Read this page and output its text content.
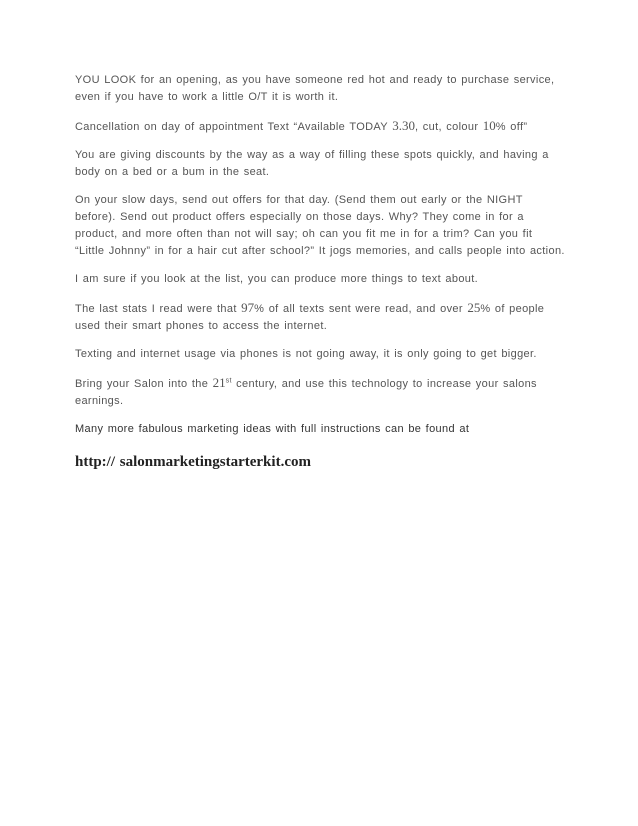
YOU LOOK for an opening, as you have someone red hot and ready to purchase service, even if you have to work a little O/T it is worth it.

Cancellation on day of appointment Text “Available TODAY 3.30, cut, colour 10% off”

You are giving discounts by the way as a way of filling these spots quickly, and having a body on a bed or a bum in the seat.

On your slow days, send out offers for that day. (Send them out early or the NIGHT before). Send out product offers especially on those days. Why? They come in for a product, and more often than not will say; oh can you fit me in for a trim? Can you fit “Little Johnny” in for a hair cut after school?” It jogs memories, and calls people into action.

I am sure if you look at the list, you can produce more things to text about.

The last stats I read were that 97% of all texts sent were read, and over 25% of people used their smart phones to access the internet.

Texting and internet usage via phones is not going away, it is only going to get bigger.

Bring your Salon into the 21st century, and use this technology to increase your salons earnings.

Many more fabulous marketing ideas with full instructions can be found at

http:// salonmarketingstarterkit.com
